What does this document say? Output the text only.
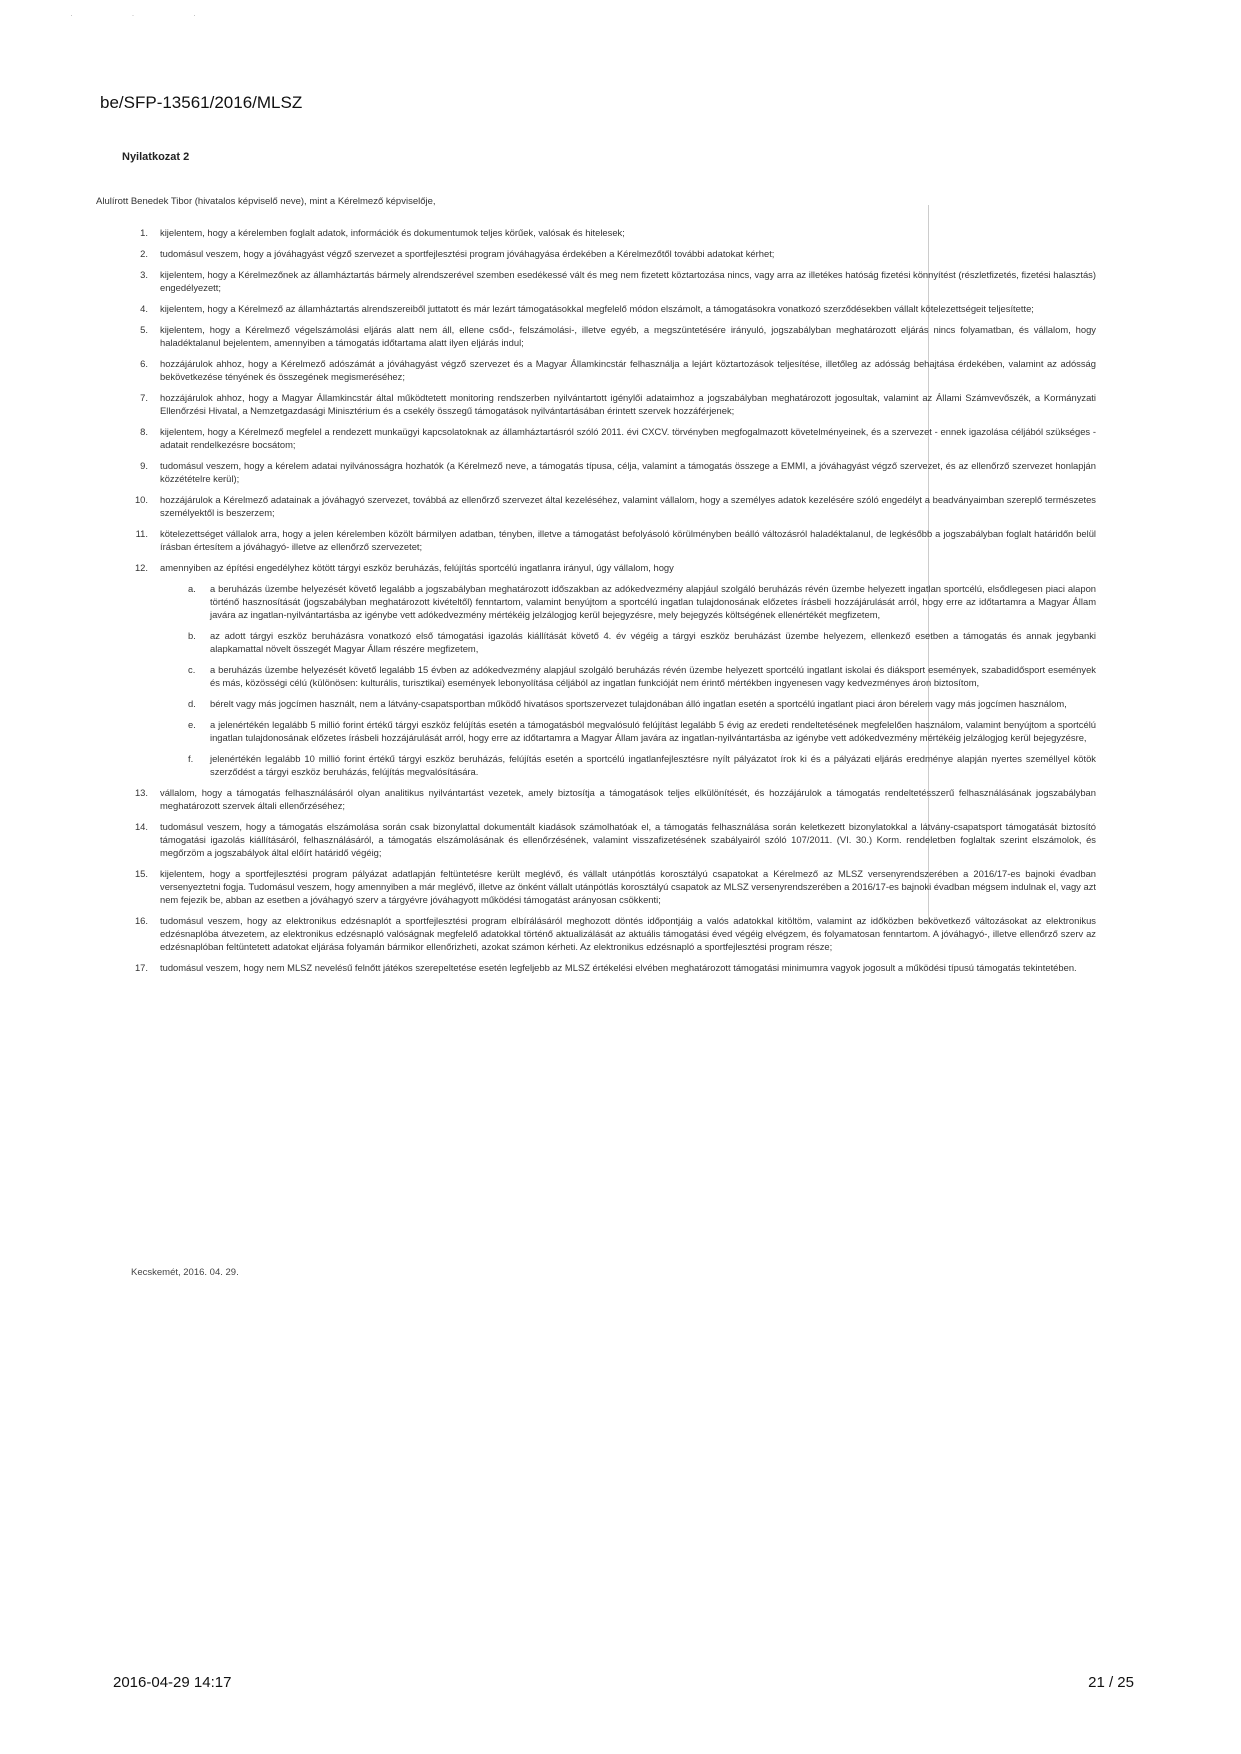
· · ·
be/SFP-13561/2016/MLSZ
Nyilatkozat 2
Alulírott Benedek Tibor (hivatalos képviselő neve), mint a Kérelmező képviselője,
1. kijelentem, hogy a kérelemben foglalt adatok, információk és dokumentumok teljes körűek, valósak és hitelesek;
2. tudomásul veszem, hogy a jóváhagyást végző szervezet a sportfejlesztési program jóváhagyása érdekében a Kérelmezőtől további adatokat kérhet;
3. kijelentem, hogy a Kérelmezőnek az államháztartás bármely alrendszerével szemben esedékessé vált és meg nem fizetett köztartozása nincs, vagy arra az illetékes hatóság fizetési könnyítést (részletfizetés, fizetési halasztás) engedélyezett;
4. kijelentem, hogy a Kérelmező az államháztartás alrendszereiből juttatott és már lezárt támogatásokkal megfelelő módon elszámolt, a támogatásokra vonatkozó szerződésekben vállalt kötelezettségeit teljesítette;
5. kijelentem, hogy a Kérelmező végelszámolási eljárás alatt nem áll, ellene csőd-, felszámolási-, illetve egyéb, a megszüntetésére irányuló, jogszabályban meghatározott eljárás nincs folyamatban, és vállalom, hogy haladéktalanul bejelentem, amennyiben a támogatás időtartama alatt ilyen eljárás indul;
6. hozzájárulok ahhoz, hogy a Kérelmező adószámát a jóváhagyást végző szervezet és a Magyar Államkincstár felhasználja a lejárt köztartozások teljesítése, illetőleg az adósság behajtása érdekében, valamint az adósság bekövetkezése tényének és összegének megismeréséhez;
7. hozzájárulok ahhoz, hogy a Magyar Államkincstár által működtetett monitoring rendszerben nyilvántartott igénylői adataimhoz a jogszabályban meghatározott jogosultak, valamint az Állami Számvevőszék, a Kormányzati Ellenőrzési Hivatal, a Nemzetgazdasági Minisztérium és a csekély összegű támogatások nyilvántartásában érintett szervek hozzáférjenek;
8. kijelentem, hogy a Kérelmező megfelel a rendezett munkaügyi kapcsolatoknak az államháztartásról szóló 2011. évi CXCV. törvényben megfogalmazott követelményeinek, és a szervezet - ennek igazolása céljából szükséges - adatait rendelkezésre bocsátom;
9. tudomásul veszem, hogy a kérelem adatai nyilvánosságra hozhatók (a Kérelmező neve, a támogatás típusa, célja, valamint a támogatás összege a EMMI, a jóváhagyást végző szervezet, és az ellenőrző szervezet honlapján közzétételre kerül);
10. hozzájárulok a Kérelmező adatainak a jóváhagyó szervezet, továbbá az ellenőrző szervezet által kezeléséhez, valamint vállalom, hogy a személyes adatok kezelésére szóló engedélyt a beadványaimban szereplő természetes személyektől is beszerzem;
11. kötelezettséget vállalok arra, hogy a jelen kérelemben közölt bármilyen adatban, tényben, illetve a támogatást befolyásoló körülményben beálló változásról haladéktalanul, de legkésőbb a jogszabályban foglalt határidőn belül írásban értesítem a jóváhagyó- illetve az ellenőrző szervezetet;
12. amennyiben az építési engedélyhez kötött tárgyi eszköz beruházás, felújítás sportcélú ingatlanra irányul, úgy vállalom, hogy
a. a beruházás üzembe helyezését követő legalább a jogszabályban meghatározott időszakban az adókedvezmény alapjául szolgáló beruházás révén üzembe helyezett ingatlan sportcélú, elsődlegesen piaci alapon történő hasznosítását (jogszabályban meghatározott kivételtől) fenntartom, valamint benyújtom a sportcélú ingatlan tulajdonosának előzetes írásbeli hozzájárulását arról, hogy erre az időtartamra a Magyar Állam javára az ingatlan-nyilvántartásba az igénybe vett adókedvezmény mértékéig jelzálogjog kerül bejegyzésre, mely bejegyzés költségének ellenértékét megfizetem,
b. az adott tárgyi eszköz beruházásra vonatkozó első támogatási igazolás kiállítását követő 4. év végéig a tárgyi eszköz beruházást üzembe helyezem, ellenkező esetben a támogatás és annak jegybanki alapkamattal növelt összegét Magyar Állam részére megfizetem,
c. a beruházás üzembe helyezését követő legalább 15 évben az adókedvezmény alapjául szolgáló beruházás révén üzembe helyezett sportcélú ingatlant iskolai és diáksport események, szabadidősport események és más, közösségi célú (különösen: kulturális, turisztikai) események lebonyolítása céljából az ingatlan funkcióját nem érintő mértékben ingyenesen vagy kedvezményes áron biztosítom,
d. bérelt vagy más jogcímen használt, nem a látvány-csapatsportban működő hivatásos sportszervezet tulajdonában álló ingatlan esetén a sportcélú ingatlant piaci áron bérelem vagy más jogcímen használom,
e. a jelenértékén legalább 5 millió forint értékű tárgyi eszköz felújítás esetén a támogatásból megvalósuló felújítást legalább 5 évig az eredeti rendeltetésének megfelelően használom, valamint benyújtom a sportcélú ingatlan tulajdonosának előzetes írásbeli hozzájárulását arról, hogy erre az időtartamra a Magyar Állam javára az ingatlan-nyilvántartásba az igénybe vett adókedvezmény mértékéig jelzálogjog kerül bejegyzésre,
f. jelenértékén legalább 10 millió forint értékű tárgyi eszköz beruházás, felújítás esetén a sportcélú ingatlanfejlesztésre nyílt pályázatot írok ki és a pályázati eljárás eredménye alapján nyertes személlyel kötök szerződést a tárgyi eszköz beruházás, felújítás megvalósítására.
13. vállalom, hogy a támogatás felhasználásáról olyan analitikus nyilvántartást vezetek, amely biztosítja a támogatások teljes elkülönítését, és hozzájárulok a támogatás rendeltetésszerű felhasználásának jogszabályban meghatározott szervek általi ellenőrzéséhez;
14. tudomásul veszem, hogy a támogatás elszámolása során csak bizonylattal dokumentált kiadások számolhatóak el, a támogatás felhasználása során keletkezett bizonylatokkal a látvány-csapatsport támogatását biztosító támogatási igazolás kiállításáról, felhasználásáról, a támogatás elszámolásának és ellenőrzésének, valamint visszafizetésének szabályairól szóló 107/2011. (VI. 30.) Korm. rendeletben foglaltak szerint elszámolok, és megőrzöm a jogszabályok által előírt határidő végéig;
15. kijelentem, hogy a sportfejlesztési program pályázat adatlapján feltüntetésre került meglévő, és vállalt utánpótlás korosztályú csapatokat a Kérelmező az MLSZ versenyrendszerében a 2016/17-es bajnoki évadban versenyeztetni fogja. Tudomásul veszem, hogy amennyiben a már meglévő, illetve az önként vállalt utánpótlás korosztályú csapatok az MLSZ versenyrendszerében a 2016/17-es bajnoki évadban mégsem indulnak el, vagy azt nem fejezik be, abban az esetben a jóváhagyó szerv a tárgyévre jóváhagyott működési támogatást arányosan csökkenti;
16. tudomásul veszem, hogy az elektronikus edzésnaplót a sportfejlesztési program elbírálásáról meghozott döntés időpontjáig a valós adatokkal kitöltöm, valamint az időközben bekövetkező változásokat az elektronikus edzésnaplóba átvezetem, az elektronikus edzésnapló valóságnak megfelelő adatokkal történő aktualizálását az aktuális támogatási éved végéig elvégzem, és folyamatosan fenntartom. A jóváhagyó-, illetve ellenőrző szerv az edzésnaplóban feltüntetett adatokat eljárása folyamán bármikor ellenőrizheti, azokat számon kérheti. Az elektronikus edzésnapló a sportfejlesztési program része;
17. tudomásul veszem, hogy nem MLSZ nevelésű felnőtt játékos szerepeltetése esetén legfeljebb az MLSZ értékelési elvében meghatározott támogatási minimumra vagyok jogosult a működési típusú támogatás tekintetében.
Kecskemét, 2016. 04. 29.
2016-04-29 14:17	21 / 25
